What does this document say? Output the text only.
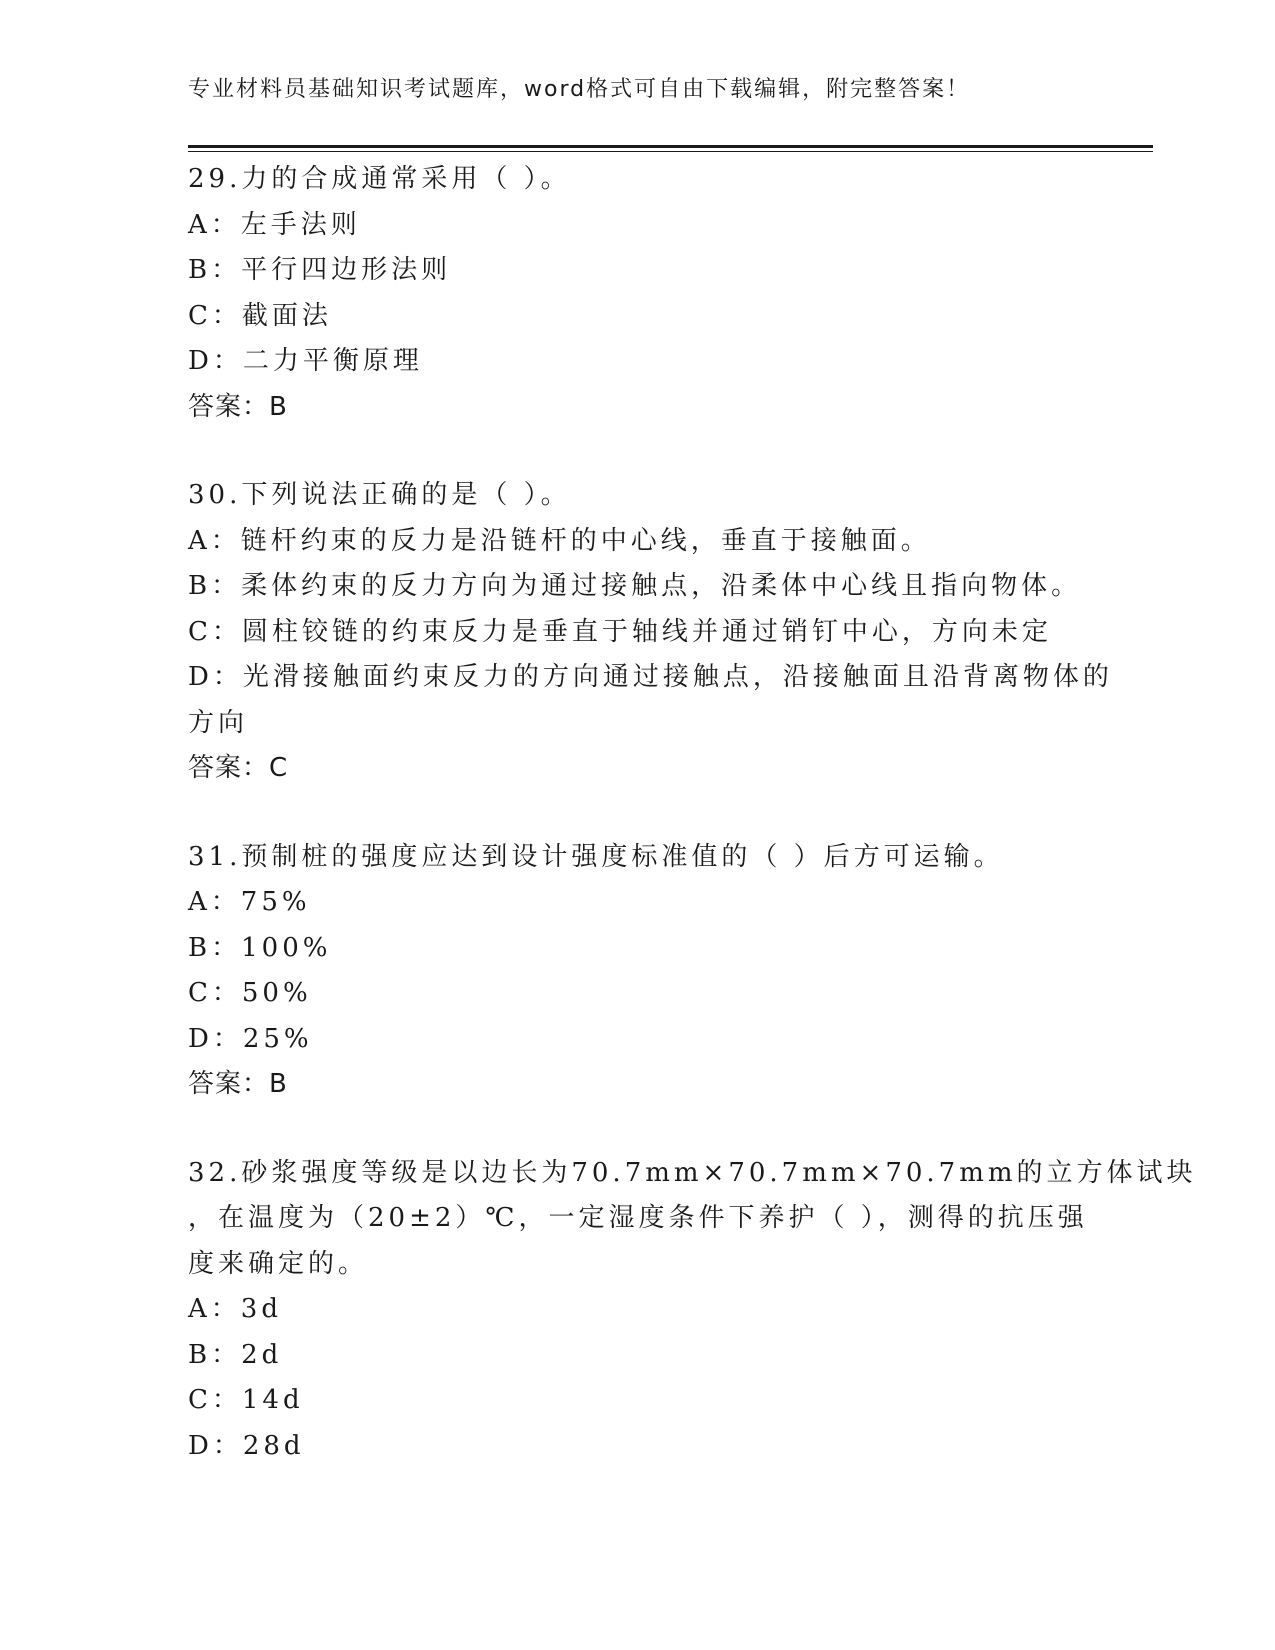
专业材料员基础知识考试题库，word格式可自由下载编辑，附完整答案！
29.力的合成通常采用（ ）。
A：左手法则
B：平行四边形法则
C：截面法
D：二力平衡原理
答案：B
30.下列说法正确的是（ ）。
A：链杆约束的反力是沿链杆的中心线，垂直于接触面。
B：柔体约束的反力方向为通过接触点，沿柔体中心线且指向物体。
C：圆柱铰链的约束反力是垂直于轴线并通过销钉中心，方向未定
D：光滑接触面约束反力的方向通过接触点，沿接触面且沿背离物体的
方向
答案：C
31.预制桩的强度应达到设计强度标准值的（ ）后方可运输。
A：75%
B：100%
C：50%
D：25%
答案：B
32.砂浆强度等级是以边长为70.7mm×70.7mm×70.7mm的立方体试块
，在温度为（20±2）℃，一定湿度条件下养护（ ），测得的抗压强
度来确定的。
A：3d
B：2d
C：14d
D：28d
